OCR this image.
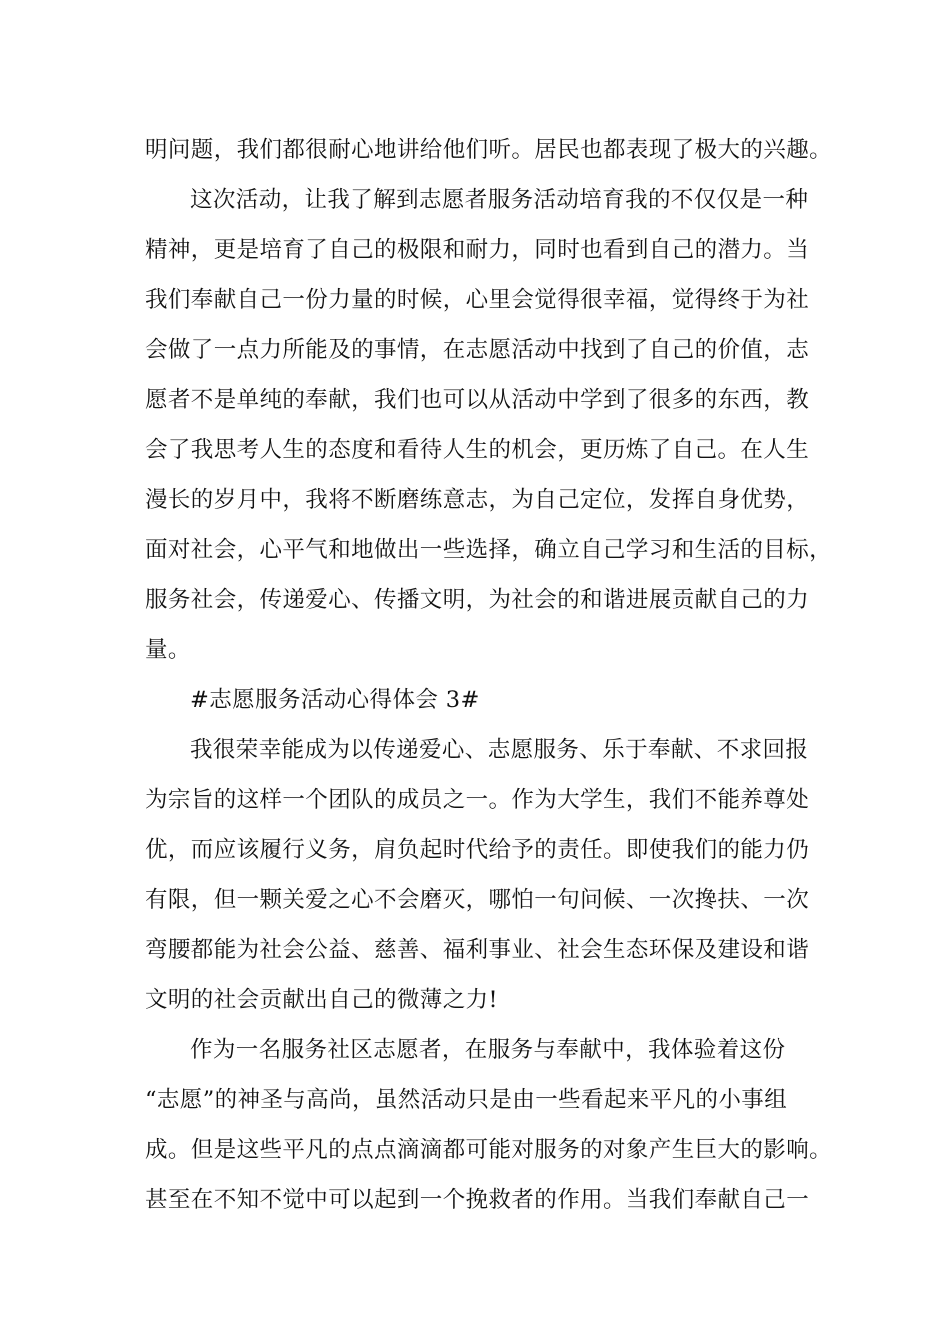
明问题，我们都很耐心地讲给他们听。居民也都表现了极大的兴趣。
这次活动，让我了解到志愿者服务活动培育我的不仅仅是一种
精神，更是培育了自己的极限和耐力，同时也看到自己的潜力。当
我们奉献自己一份力量的时候，心里会觉得很幸福，觉得终于为社
会做了一点力所能及的事情，在志愿活动中找到了自己的价值，志
愿者不是单纯的奉献，我们也可以从活动中学到了很多的东西，教
会了我思考人生的态度和看待人生的机会，更历炼了自己。在人生
漫长的岁月中，我将不断磨练意志，为自己定位，发挥自身优势，
面对社会，心平气和地做出一些选择，确立自己学习和生活的目标，
服务社会，传递爱心、传播文明，为社会的和谐进展贡献自己的力
量。
#志愿服务活动心得体会 3#
我很荣幸能成为以传递爱心、志愿服务、乐于奉献、不求回报
为宗旨的这样一个团队的成员之一。作为大学生，我们不能养尊处
优，而应该履行义务，肩负起时代给予的责任。即使我们的能力仍
有限，但一颗关爱之心不会磨灭，哪怕一句问候、一次搀扶、一次
弯腰都能为社会公益、慈善、福利事业、社会生态环保及建设和谐
文明的社会贡献出自己的微薄之力!
作为一名服务社区志愿者，在服务与奉献中，我体验着这份
“志愿”的神圣与高尚，虽然活动只是由一些看起来平凡的小事组
成。但是这些平凡的点点滴滴都可能对服务的对象产生巨大的影响。
甚至在不知不觉中可以起到一个挽救者的作用。当我们奉献自己一
